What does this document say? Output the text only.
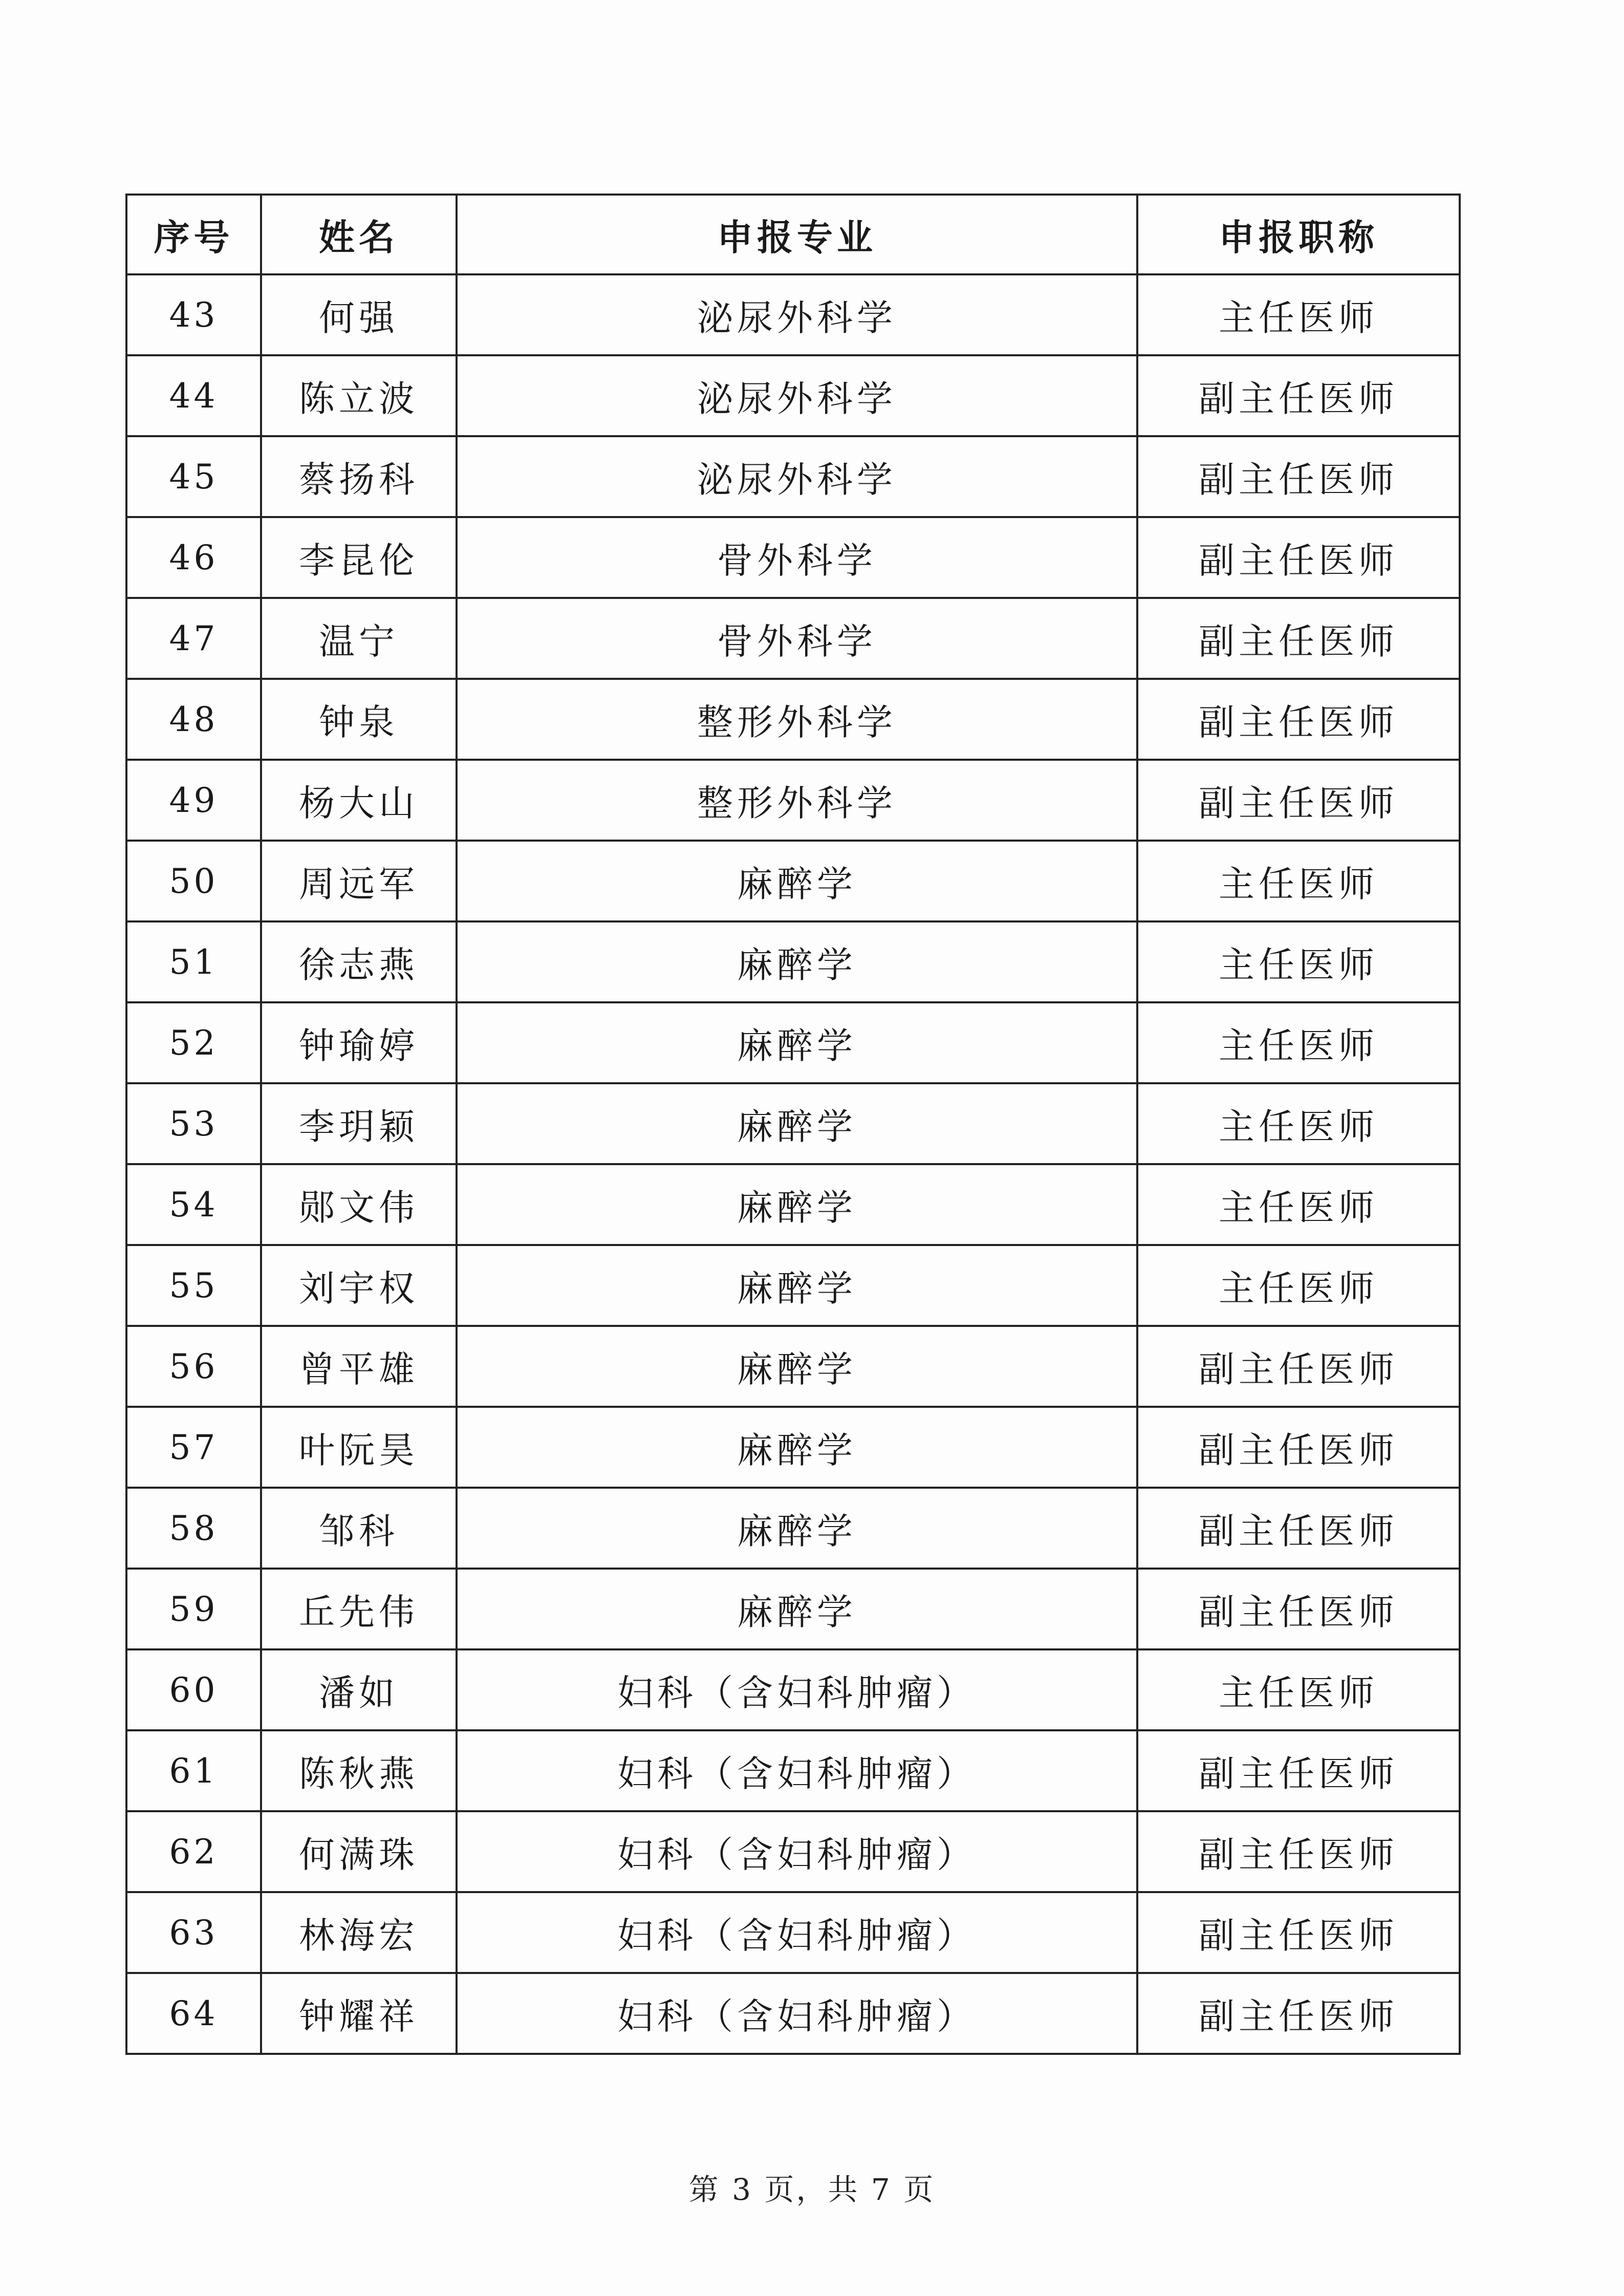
序号	姓名	申报专业	申报职称
43	何强	泌尿外科学	主任医师
44	陈立波	泌尿外科学	副主任医师
45	蔡扬科	泌尿外科学	副主任医师
46	李昆伦	骨外科学	副主任医师
47	温宁	骨外科学	副主任医师
48	钟泉	整形外科学	副主任医师
49	杨大山	整形外科学	副主任医师
50	周远军	麻醉学	主任医师
51	徐志燕	麻醉学	主任医师
52	钟瑜婷	麻醉学	主任医师
53	李玥颖	麻醉学	主任医师
54	郧文伟	麻醉学	主任医师
55	刘宇权	麻醉学	主任医师
56	曾平雄	麻醉学	副主任医师
57	叶阮昊	麻醉学	副主任医师
58	邹科	麻醉学	副主任医师
59	丘先伟	麻醉学	副主任医师
60	潘如	妇科（含妇科肿瘤）	主任医师
61	陈秋燕	妇科（含妇科肿瘤）	副主任医师
62	何满珠	妇科（含妇科肿瘤）	副主任医师
63	林海宏	妇科（含妇科肿瘤）	副主任医师
64	钟耀祥	妇科（含妇科肿瘤）	副主任医师
第 3 页，共 7 页
